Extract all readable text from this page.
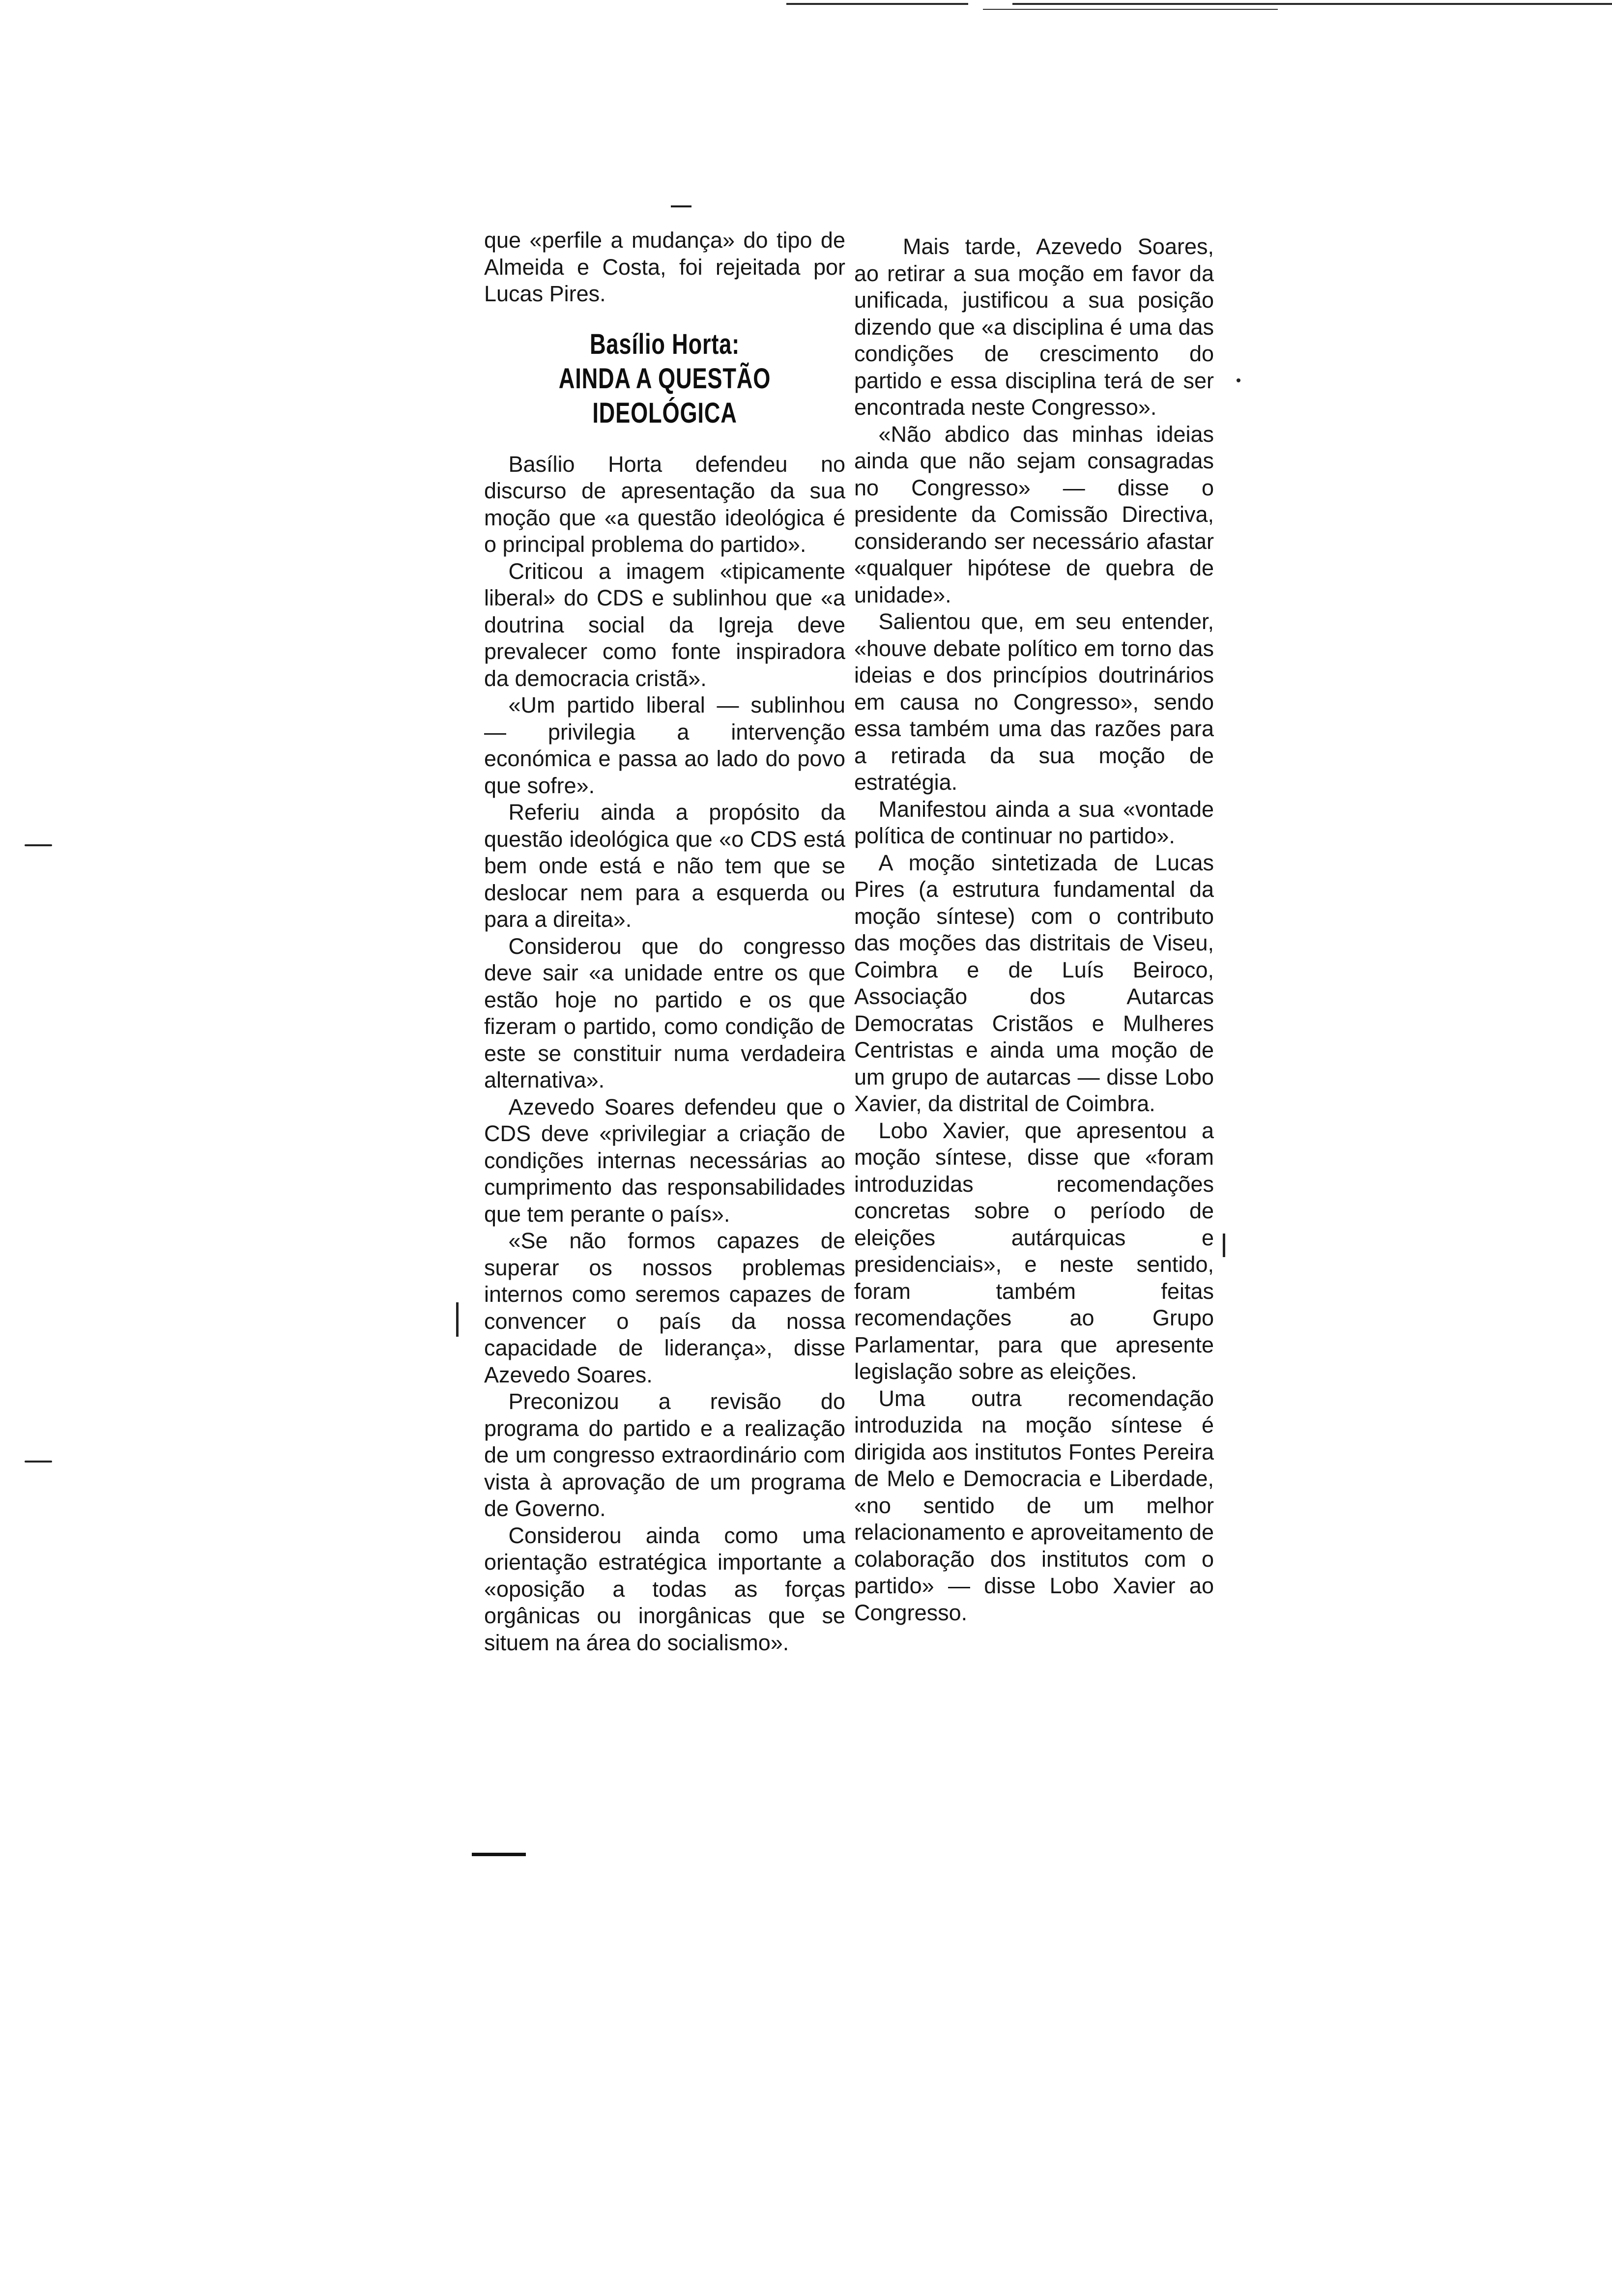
que «perfile a mudança» do tipo de Almeida e Costa, foi rejeitada por Lucas Pires.

Basílio Horta:
AINDA A QUESTÃO
IDEOLÓGICA

Basílio Horta defendeu no discurso de apresentação da sua moção que «a questão ideológica é o principal problema do partido».

Criticou a imagem «tipicamente liberal» do CDS e sublinhou que «a doutrina social da Igreja deve prevalecer como fonte inspiradora da democracia cristã».

«Um partido liberal — sublinhou — privilegia a intervenção económica e passa ao lado do povo que sofre».

Referiu ainda a propósito da questão ideológica que «o CDS está bem onde está e não tem que se deslocar nem para a esquerda ou para a direita».

Considerou que do congresso deve sair «a unidade entre os que estão hoje no partido e os que fizeram o partido, como condição de este se constituir numa verdadeira alternativa».

Azevedo Soares defendeu que o CDS deve «privilegiar a criação de condições internas necessárias ao cumprimento das responsabilidades que tem perante o país».

«Se não formos capazes de superar os nossos problemas internos como seremos capazes de convencer o país da nossa capacidade de liderança», disse Azevedo Soares.

Preconizou a revisão do programa do partido e a realização de um congresso extraordinário com vista à aprovação de um programa de Governo.

Considerou ainda como uma orientação estratégica importante a «oposição a todas as forças orgânicas ou inorgânicas que se situem na área do socialismo».

Mais tarde, Azevedo Soares, ao retirar a sua moção em favor da unificada, justificou a sua posição dizendo que «a disciplina é uma das condições de crescimento do partido e essa disciplina terá de ser encontrada neste Congresso».

«Não abdico das minhas ideias ainda que não sejam consagradas no Congresso» — disse o presidente da Comissão Directiva, considerando ser necessário afastar «qualquer hipótese de quebra de unidade».

Salientou que, em seu entender, «houve debate político em torno das ideias e dos princípios doutrinários em causa no Congresso», sendo essa também uma das razões para a retirada da sua moção de estratégia.

Manifestou ainda a sua «vontade política de continuar no partido».

A moção sintetizada de Lucas Pires (a estrutura fundamental da moção síntese) com o contributo das moções das distritais de Viseu, Coimbra e de Luís Beiroco, Associação dos Autarcas Democratas Cristãos e Mulheres Centristas e ainda uma moção de um grupo de autarcas — disse Lobo Xavier, da distrital de Coimbra.

Lobo Xavier, que apresentou a moção síntese, disse que «foram introduzidas recomendações concretas sobre o período de eleições autárquicas e presidenciais», e neste sentido, foram também feitas recomendações ao Grupo Parlamentar, para que apresente legislação sobre as eleições.

Uma outra recomendação introduzida na moção síntese é dirigida aos institutos Fontes Pereira de Melo e Democracia e Liberdade, «no sentido de um melhor relacionamento e aproveitamento de colaboração dos institutos com o partido» — disse Lobo Xavier ao Congresso.
